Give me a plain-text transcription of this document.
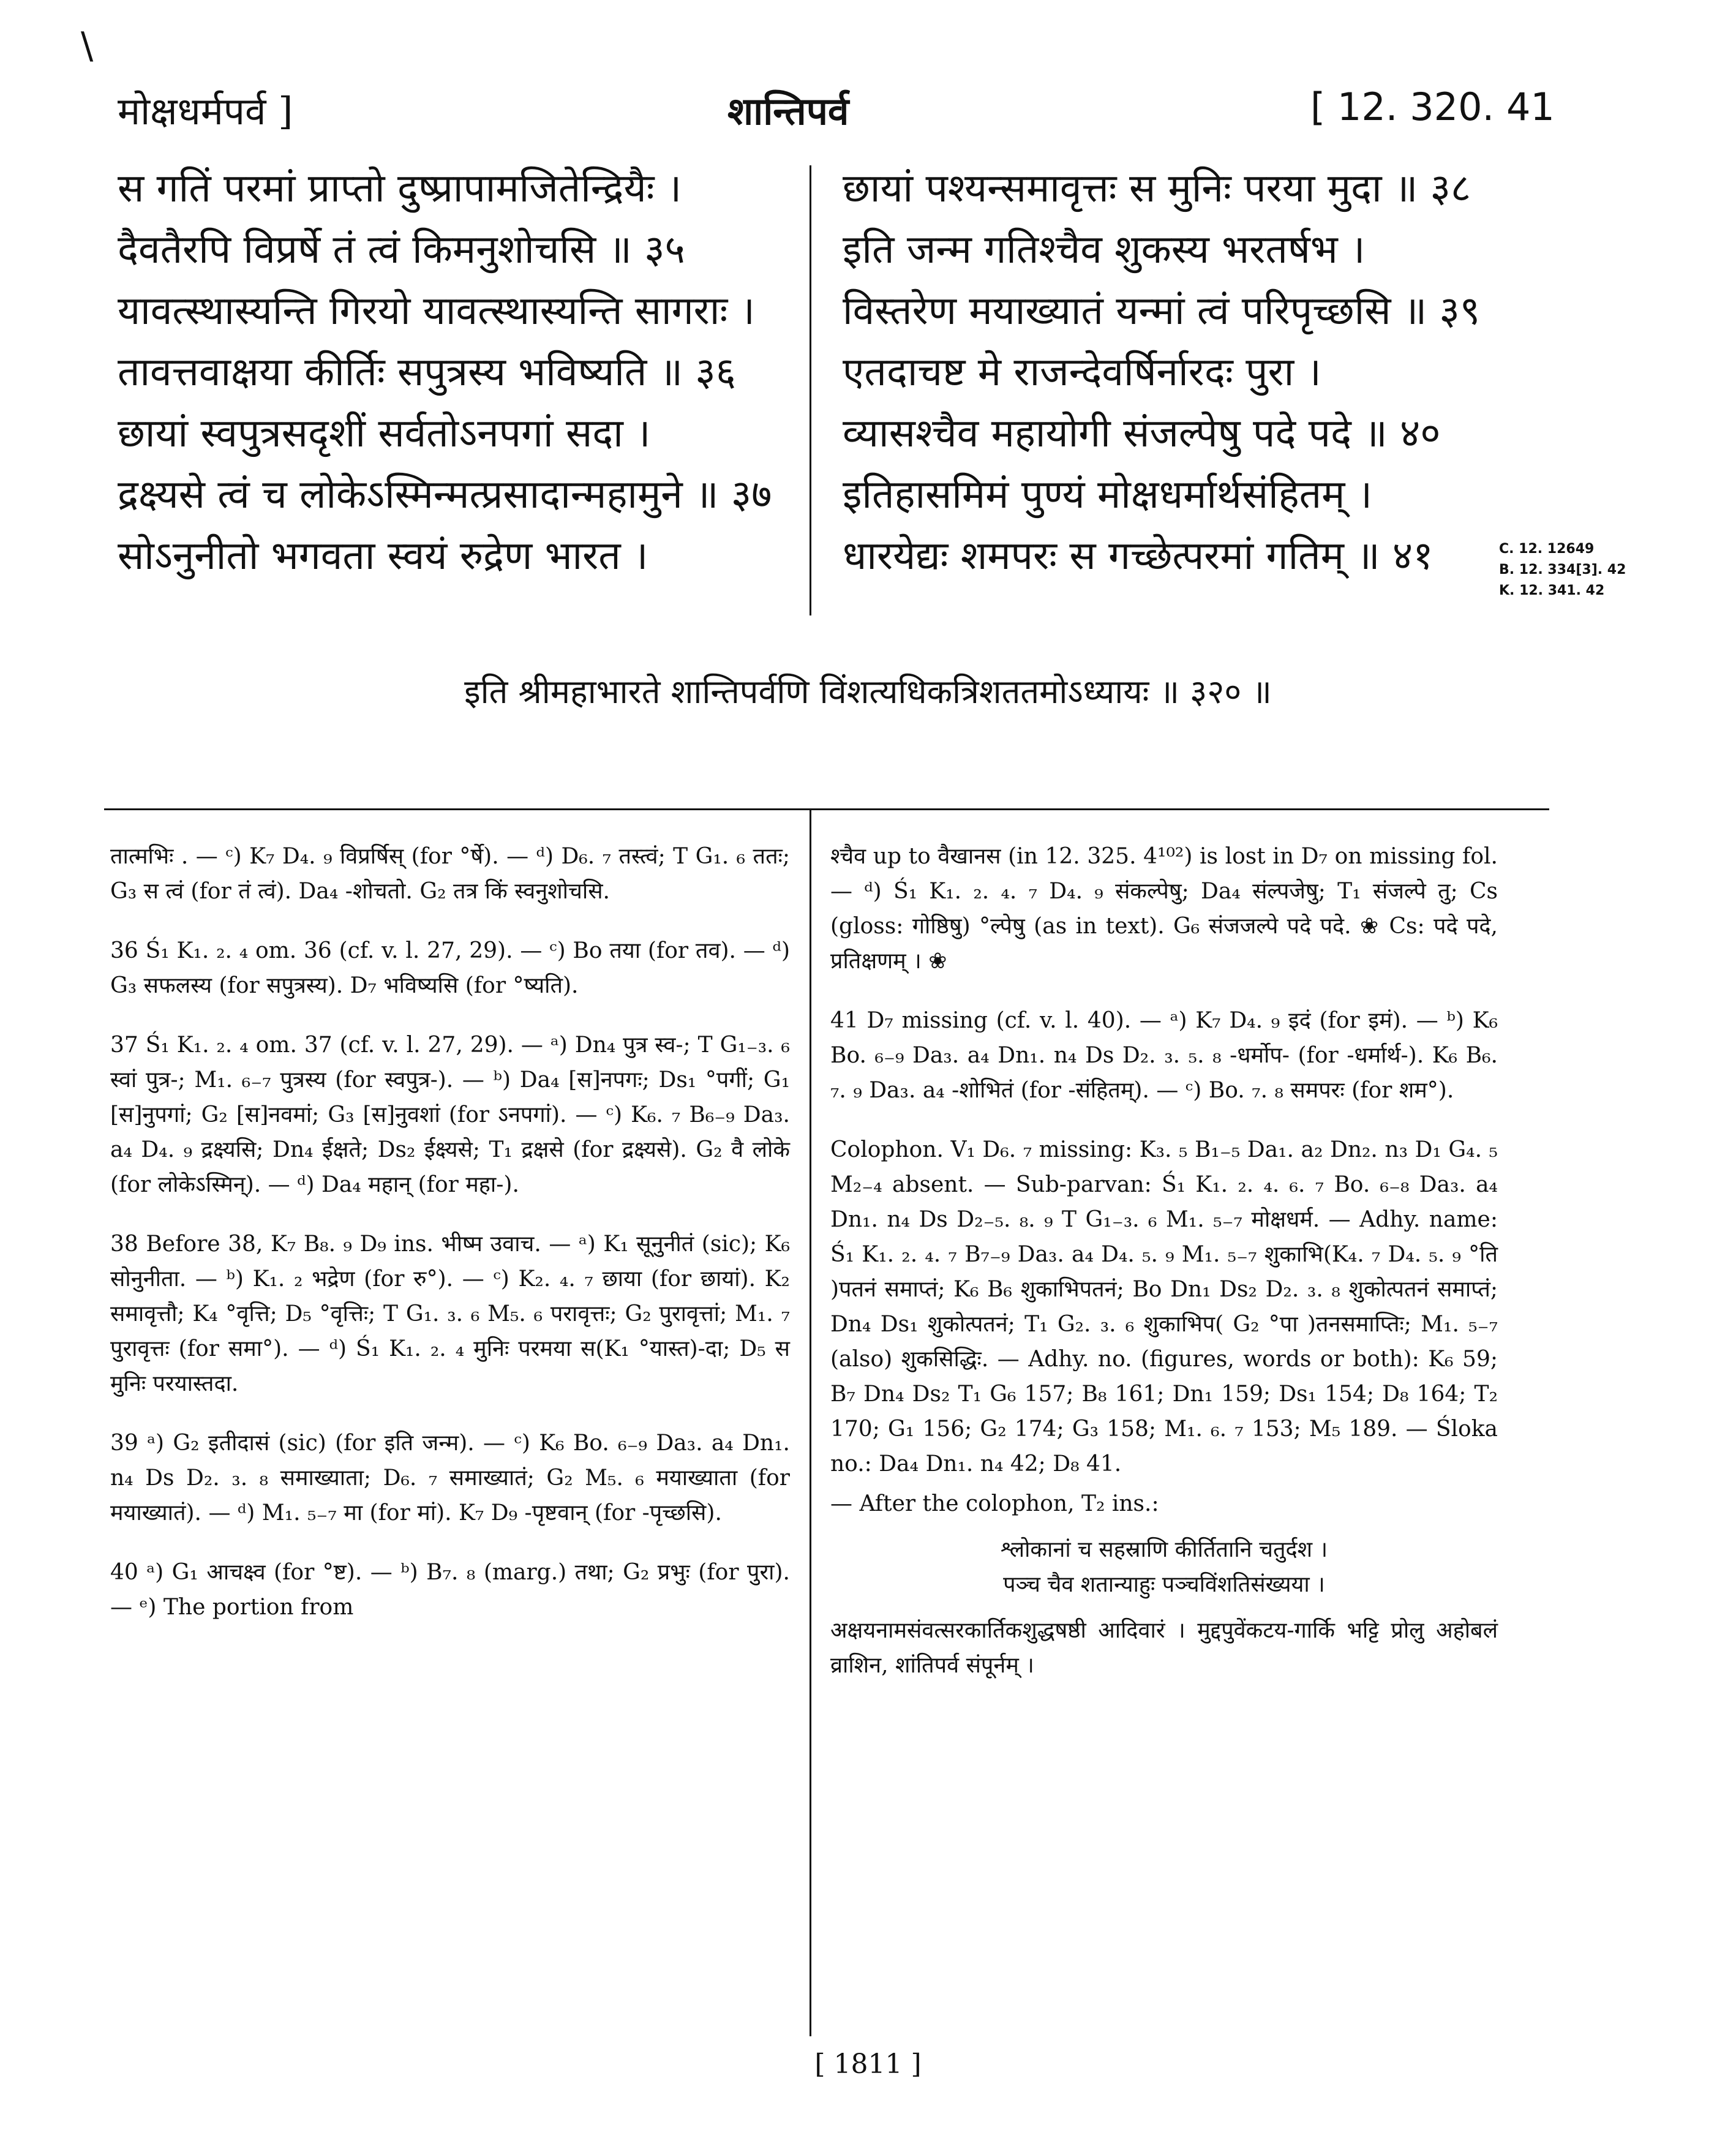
\
मोक्षधर्मपर्व ]	शान्तिपर्व	[ 12. 320. 41
स गतिं परमां प्राप्तो दुष्प्रापामजितेन्द्रियैः ।
दैवतैरपि विप्रर्षे तं त्वं किमनुशोचसि ॥ ३५
यावत्स्थास्यन्ति गिरयो यावत्स्थास्यन्ति सागराः ।
तावत्तवाक्षया कीर्तिः सपुत्रस्य भविष्यति ॥ ३६
छायां स्वपुत्रसदृशीं सर्वतोऽनपगां सदा ।
द्रक्ष्यसे त्वं च लोकेऽस्मिन्मत्प्रसादान्महामुने ॥ ३७
सोऽनुनीतो भगवता स्वयं रुद्रेण भारत ।
छायां पश्यन्समावृत्तः स मुनिः परया मुदा ॥ ३८
इति जन्म गतिश्चैव शुकस्य भरतर्षभ ।
विस्तरेण मयाख्यातं यन्मां त्वं परिपृच्छसि ॥ ३९
एतदाचष्ट मे राजन्देवर्षिर्नारदः पुरा ।
व्यासश्चैव महायोगी संजल्पेषु पदे पदे ॥ ४०
इतिहासमिमं पुण्यं मोक्षधर्मार्थसंहितम् ।
धारयेद्यः शमपरः स गच्छेत्परमां गतिम् ॥ ४१	C. 12. 12649
B. 12. 334[3]. 42
K. 12. 341. 42
इति श्रीमहाभारते शान्तिपर्वणि विंशत्यधिकत्रिशततमोऽध्यायः ॥ ३२० ॥
तात्मभिः . — ᶜ) K₇ D₄. ₉ विप्रर्षिस् (for °र्षे). — ᵈ) D₆. ₇ तस्त्वं; T G₁. ₆ ततः; G₃ स त्वं (for तं त्वं). Da₄ -शोचतो. G₂ तत्र किं स्वनुशोचसि.
36 Ś₁ K₁. ₂. ₄ om. 36 (cf. v. l. 27, 29). — ᶜ) Bo तया (for तव). — ᵈ) G₃ सफलस्य (for सपुत्रस्य). D₇ भविष्यसि (for °ष्यति).
37 Ś₁ K₁. ₂. ₄ om. 37 (cf. v. l. 27, 29). — ᵃ) Dn₄ पुत्र स्व-; T G₁₋₃. ₆ स्वां पुत्र-; M₁. ₆₋₇ पुत्रस्य (for स्वपुत्र-). — ᵇ) Da₄ [स]नपगः; Ds₁ °पगीं; G₁ [स]नुपगां; G₂ [स]नवमां; G₃ [स]नुवशां (for ऽनपगां). — ᶜ) K₆. ₇ B₆₋₉ Da₃. a₄ D₄. ₉ द्रक्ष्यसि; Dn₄ ईक्षते; Ds₂ ईक्ष्यसे; T₁ द्रक्षसे (for द्रक्ष्यसे). G₂ वै लोके (for लोकेऽस्मिन्). — ᵈ) Da₄ महान् (for महा-).
38 Before 38, K₇ B₈. ₉ D₉ ins. भीष्म उवाच. — ᵃ) K₁ सूनुनीतं (sic); K₆ सोनुनीता. — ᵇ) K₁. ₂ भद्रेण (for रु°). — ᶜ) K₂. ₄. ₇ छाया (for छायां). K₂ समावृत्तौ; K₄ °वृत्ति; D₅ °वृत्तिः; T G₁. ₃. ₆ M₅. ₆ परावृत्तः; G₂ पुरावृत्तां; M₁. ₇ पुरावृत्तः (for समा°). — ᵈ) Ś₁ K₁. ₂. ₄ मुनिः परमया स(K₁ °यास्त)-दा; D₅ स मुनिः परयास्तदा.
39 ᵃ) G₂ इतीदासं (sic) (for इति जन्म). — ᶜ) K₆ Bo. ₆₋₉ Da₃. a₄ Dn₁. n₄ Ds D₂. ₃. ₈ समाख्याता; D₆. ₇ समाख्यातं; G₂ M₅. ₆ मयाख्याता (for मयाख्यातं). — ᵈ) M₁. ₅₋₇ मा (for मां). K₇ D₉ -पृष्टवान् (for -पृच्छसि).
40 ᵃ) G₁ आचक्ष्व (for °ष्ट). — ᵇ) B₇. ₈ (marg.) तथा; G₂ प्रभुः (for पुरा). — ᵉ) The portion from
श्चैव up to वैखानस (in 12. 325. 4¹⁰²) is lost in D₇ on missing fol. — ᵈ) Ś₁ K₁. ₂. ₄. ₇ D₄. ₉ संकल्पेषु; Da₄ संल्पजेषु; T₁ संजल्पे तु; Cs (gloss: गोष्ठिषु) °ल्पेषु (as in text). G₆ संजजल्पे पदे पदे. ❀ Cs: पदे पदे, प्रतिक्षणम् । ❀
41 D₇ missing (cf. v. l. 40). — ᵃ) K₇ D₄. ₉ इदं (for इमं). — ᵇ) K₆ Bo. ₆₋₉ Da₃. a₄ Dn₁. n₄ Ds D₂. ₃. ₅. ₈ -धर्मोप- (for -धर्मार्थ-). K₆ B₆. ₇. ₉ Da₃. a₄ -शोभितं (for -संहितम्). — ᶜ) Bo. ₇. ₈ समपरः (for शम°).
Colophon. V₁ D₆. ₇ missing: K₃. ₅ B₁₋₅ Da₁. a₂ Dn₂. n₃ D₁ G₄. ₅ M₂₋₄ absent. — Sub-parvan: Ś₁ K₁. ₂. ₄. ₆. ₇ Bo. ₆₋₈ Da₃. a₄ Dn₁. n₄ Ds D₂₋₅. ₈. ₉ T G₁₋₃. ₆ M₁. ₅₋₇ मोक्षधर्म. — Adhy. name: Ś₁ K₁. ₂. ₄. ₇ B₇₋₉ Da₃. a₄ D₄. ₅. ₉ M₁. ₅₋₇ शुकाभि(K₄. ₇ D₄. ₅. ₉ °ति )पतनं समाप्तं; K₆ B₆ शुकाभिपतनं; Bo Dn₁ Ds₂ D₂. ₃. ₈ शुकोत्पतनं समाप्तं; Dn₄ Ds₁ शुकोत्पतनं; T₁ G₂. ₃. ₆ शुकाभिप( G₂ °पा )तनसमाप्तिः; M₁. ₅₋₇ (also) शुकसिद्धिः. — Adhy. no. (figures, words or both): K₆ 59; B₇ Dn₄ Ds₂ T₁ G₆ 157; B₈ 161; Dn₁ 159; Ds₁ 154; D₈ 164; T₂ 170; G₁ 156; G₂ 174; G₃ 158; M₁. ₆. ₇ 153; M₅ 189. — Śloka no.: Da₄ Dn₁. n₄ 42; D₈ 41.
— After the colophon, T₂ ins.:
श्लोकानां च सहस्राणि कीर्तितानि चतुर्दश ।
पञ्च चैव शतान्याहुः पञ्चविंशतिसंख्यया ।
अक्षयनामसंवत्सरकार्तिकशुद्धषष्ठी आदिवारं । मुद्दपुवेंकटय-गार्कि भट्टि प्रोलु अहोबलं व्राशिन, शांतिपर्व संपूर्नम् ।
[ 1811 ]
